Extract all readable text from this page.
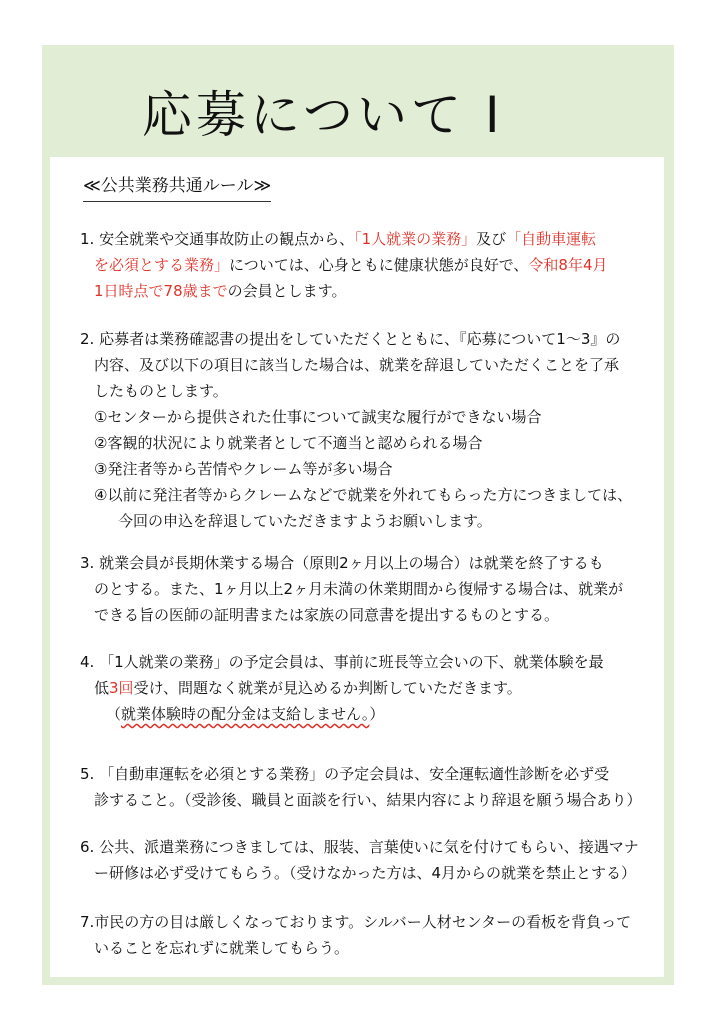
応募について Ⅰ
≪公共業務共通ルール≫
1. 安全就業や交通事故防止の観点から、「1人就業の業務」及び「自動車運転
を必須とする業務」については、心身ともに健康状態が良好で、令和8年4月
1日時点で78歳までの会員とします。
2. 応募者は業務確認書の提出をしていただくとともに、『応募について1～3』の
内容、及び以下の項目に該当した場合は、就業を辞退していただくことを了承
したものとします。
①センターから提供された仕事について誠実な履行ができない場合
②客観的状況により就業者として不適当と認められる場合
③発注者等から苦情やクレーム等が多い場合
④以前に発注者等からクレームなどで就業を外れてもらった方につきましては、
今回の申込を辞退していただきますようお願いします。
3. 就業会員が長期休業する場合（原則2ヶ月以上の場合）は就業を終了するも
のとする。また、1ヶ月以上2ヶ月未満の休業期間から復帰する場合は、就業が
できる旨の医師の証明書または家族の同意書を提出するものとする。
4. 「1人就業の業務」の予定会員は、事前に班長等立会いの下、就業体験を最
低3回受け、問題なく就業が見込めるか判断していただきます。
（就業体験時の配分金は支給しません。）
5. 「自動車運転を必須とする業務」の予定会員は、安全運転適性診断を必ず受
診すること。（受診後、職員と面談を行い、結果内容により辞退を願う場合あり）
6. 公共、派遣業務につきましては、服装、言葉使いに気を付けてもらい、接遇マナ
ー研修は必ず受けてもらう。（受けなかった方は、4月からの就業を禁止とする）
7.市民の方の目は厳しくなっております。シルバー人材センターの看板を背負って
いることを忘れずに就業してもらう。
